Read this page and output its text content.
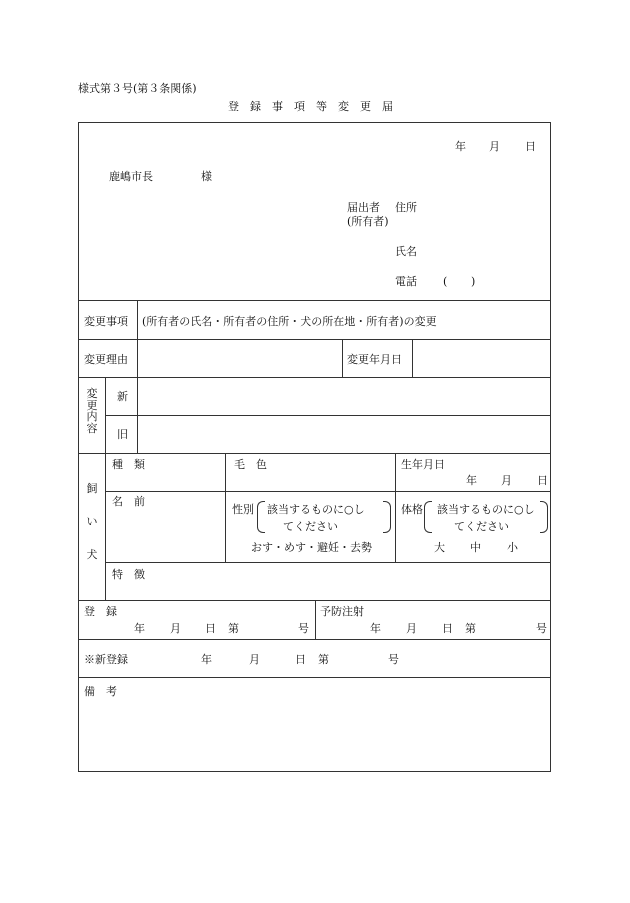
様式第３号(第３条関係)
登　録　事　項　等　変　更　届
年 月 日
鹿嶋市長	様
届出者 住所
(所有者)
氏名
電話 ( )
変更事項 (所有者の氏名・所有者の住所・犬の所在地・所有者)の変更
変更理由	変更年月日
変
更
内
容
新
旧
飼
い
犬
種　類	毛　色	生年月日
年 月 日
名　前
性別 該当するものに○し
てください
おす・めす・避妊・去勢
体格 該当するものに○し
てください
大 中 小
特　徴
登　録
年 月 日 第	号
予防注射
年 月 日 第	号
※新登録	年	月	日 第	号
備　考
